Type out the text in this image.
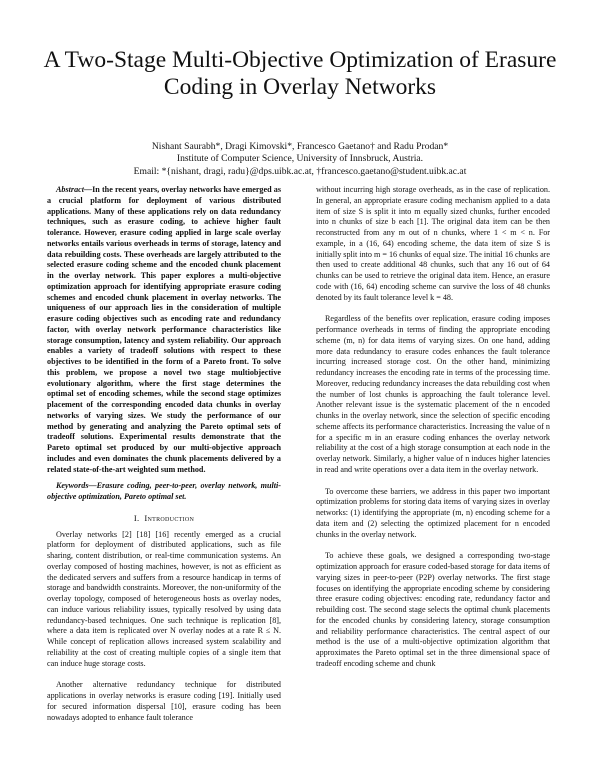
A Two-Stage Multi-Objective Optimization of Erasure Coding in Overlay Networks
Nishant Saurabh*, Dragi Kimovski*, Francesco Gaetano† and Radu Prodan*
Institute of Computer Science, University of Innsbruck, Austria.
Email: *{nishant, dragi, radu}@dps.uibk.ac.at, †francesco.gaetano@student.uibk.ac.at

Abstract—In the recent years, overlay networks have emerged as a crucial platform for deployment of various distributed applications. Many of these applications rely on data redundancy techniques, such as erasure coding, to achieve higher fault tolerance. However, erasure coding applied in large scale overlay networks entails various overheads in terms of storage, latency and data rebuilding costs. These overheads are largely attributed to the selected erasure coding scheme and the encoded chunk placement in the overlay network. This paper explores a multi-objective optimization approach for identifying appropriate erasure coding schemes and encoded chunk placement in overlay networks. The uniqueness of our approach lies in the consideration of multiple erasure coding objectives such as encoding rate and redundancy factor, with overlay network performance characteristics like storage consumption, latency and system reliability. Our approach enables a variety of tradeoff solutions with respect to these objectives to be identified in the form of a Pareto front. To solve this problem, we propose a novel two stage multiobjective evolutionary algorithm, where the first stage determines the optimal set of encoding schemes, while the second stage optimizes placement of the corresponding encoded data chunks in overlay networks of varying sizes. We study the performance of our method by generating and analyzing the Pareto optimal sets of tradeoff solutions. Experimental results demonstrate that the Pareto optimal set produced by our multi-objective approach includes and even dominates the chunk placements delivered by a related state-of-the-art weighted sum method.

Keywords—Erasure coding, peer-to-peer, overlay network, multi-objective optimization, Pareto optimal set.

I. Introduction

Overlay networks [2] [18] [16] recently emerged as a crucial platform for deployment of distributed applications, such as file sharing, content distribution, or real-time communication systems. An overlay composed of hosting machines, however, is not as efficient as the dedicated servers and suffers from a resource handicap in terms of storage and bandwidth constraints. Moreover, the non-uniformity of the overlay topology, composed of heterogeneous hosts as overlay nodes, can induce various reliability issues, typically resolved by using data redundancy-based techniques. One such technique is replication [8], where a data item is replicated over N overlay nodes at a rate R ≤ N. While concept of replication allows increased system scalability and reliability at the cost of creating multiple copies of a single item that can induce huge storage costs.

Another alternative redundancy technique for distributed applications in overlay networks is erasure coding [19]. Initially used for secured information dispersal [10], erasure coding has been nowadays adopted to enhance fault tolerance

without incurring high storage overheads, as in the case of replication. In general, an appropriate erasure coding mechanism applied to a data item of size S is split it into m equally sized chunks, further encoded into n chunks of size b each [1]. The original data item can be then reconstructed from any m out of n chunks, where 1 < m < n. For example, in a (16, 64) encoding scheme, the data item of size S is initially split into m = 16 chunks of equal size. The initial 16 chunks are then used to create additional 48 chunks, such that any 16 out of 64 chunks can be used to retrieve the original data item. Hence, an erasure code with (16, 64) encoding scheme can survive the loss of 48 chunks denoted by its fault tolerance level k = 48.

Regardless of the benefits over replication, erasure coding imposes performance overheads in terms of finding the appropriate encoding scheme (m, n) for data items of varying sizes. On one hand, adding more data redundancy to erasure codes enhances the fault tolerance incurring increased storage cost. On the other hand, minimizing redundancy increases the encoding rate in terms of the processing time. Moreover, reducing redundancy increases the data rebuilding cost when the number of lost chunks is approaching the fault tolerance level. Another relevant issue is the systematic placement of the n encoded chunks in the overlay network, since the selection of specific encoding scheme affects its performance characteristics. Increasing the value of n for a specific m in an erasure coding enhances the overlay network reliability at the cost of a high storage consumption at each node in the overlay network. Similarly, a higher value of n induces higher latencies in read and write operations over a data item in the overlay network.

To overcome these barriers, we address in this paper two important optimization problems for storing data items of varying sizes in overlay networks: (1) identifying the appropriate (m, n) encoding scheme for a data item and (2) selecting the optimized placement for n encoded chunks in the overlay network.

To achieve these goals, we designed a corresponding two-stage optimization approach for erasure coded-based storage for data items of varying sizes in peer-to-peer (P2P) overlay networks. The first stage focuses on identifying the appropriate encoding scheme by considering three erasure coding objectives: encoding rate, redundancy factor and rebuilding cost. The second stage selects the optimal chunk placements for the encoded chunks by considering latency, storage consumption and reliability performance characteristics. The central aspect of our method is the use of a multi-objective optimization algorithm that approximates the Pareto optimal set in the three dimensional space of tradeoff encoding scheme and chunk
